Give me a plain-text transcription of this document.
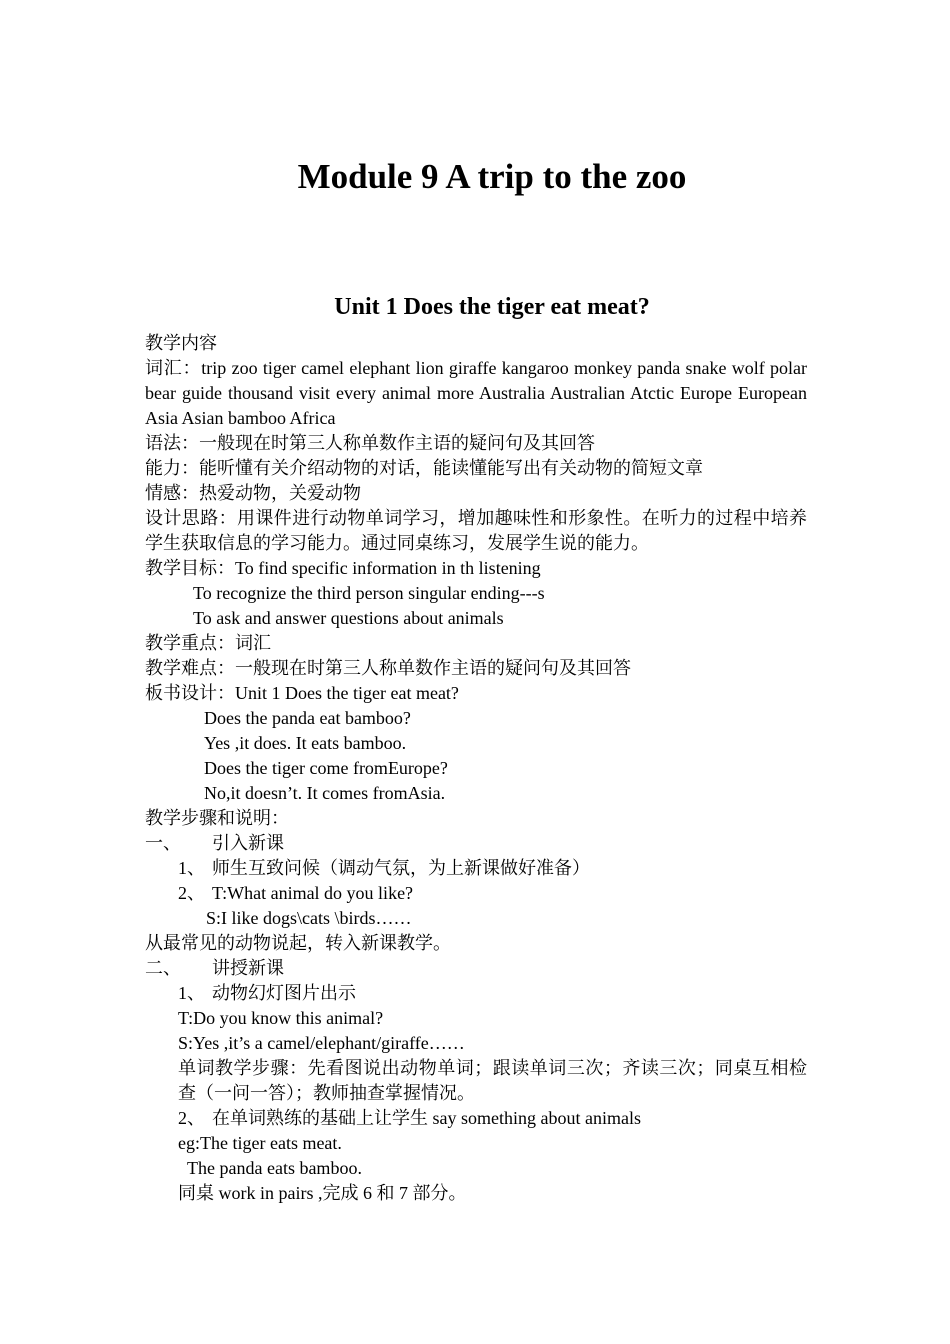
Module 9 A trip to the zoo
Unit 1 Does the tiger eat meat?

教学内容

词汇：trip zoo tiger camel elephant lion giraffe kangaroo monkey panda snake wolf polar bear guide thousand visit every animal more Australia Australian Atctic Europe European Asia Asian bamboo Africa

语法：一般现在时第三人称单数作主语的疑问句及其回答

能力：能听懂有关介绍动物的对话，能读懂能写出有关动物的简短文章

情感：热爱动物，关爱动物

设计思路：用课件进行动物单词学习，增加趣味性和形象性。在听力的过程中培养学生获取信息的学习能力。通过同桌练习，发展学生说的能力。

教学目标：To find specific information in th listening

To recognize the third person singular ending---s

To ask and answer questions about animals

教学重点：词汇

教学难点：一般现在时第三人称单数作主语的疑问句及其回答

板书设计：Unit 1 Does the tiger eat meat?

Does the panda eat bamboo?

Yes ,it does. It eats bamboo.

Does the tiger come fromEurope?

No,it doesn’t. It comes fromAsia.

教学步骤和说明：

一、 引入新课

1、 师生互致问候（调动气氛，为上新课做好准备）

2、 T:What animal do you like?

S:I like dogs\cats \birds……

从最常见的动物说起，转入新课教学。

二、 讲授新课

1、 动物幻灯图片出示

T:Do you know this animal?

S:Yes ,it’s a camel/elephant/giraffe……

单词教学步骤：先看图说出动物单词；跟读单词三次；齐读三次；同桌互相检查（一问一答）；教师抽查掌握情况。

2、 在单词熟练的基础上让学生 say something about animals

eg:The tiger eats meat.

The panda eats bamboo.

同桌 work in pairs ,完成 6 和 7 部分。
